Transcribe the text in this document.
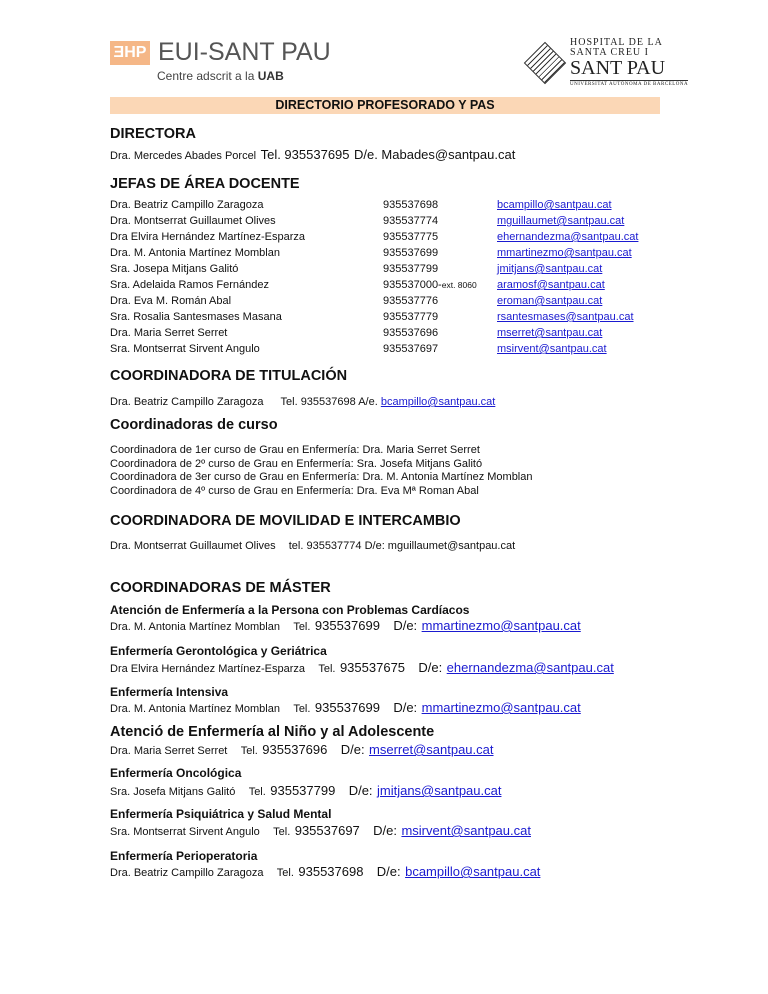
ƎHP EUI-SANT PAU
Centre adscrit a la UAB
HOSPITAL DE LA
SANTA CREU I
SANT PAU
UNIVERSITAT AUTÒNOMA DE BARCELONA
DIRECTORIO PROFESORADO Y PAS
DIRECTORA
Dra. Mercedes Abades Porcel Tel. 935537695 D/e. Mabades@santpau.cat
JEFAS DE ÁREA DOCENTE
Dra. Beatriz Campillo Zaragoza	935537698	bcampillo@santpau.cat
Dra. Montserrat Guillaumet Olives	935537774	mguillaumet@santpau.cat
Dra Elvira Hernández Martínez-Esparza	935537775	ehernandezma@santpau.cat
Dra. M. Antonia Martínez Momblan	935537699	mmartinezmo@santpau.cat
Sra. Josepa Mitjans Galitó	935537799	jmitjans@santpau.cat
Sra. Adelaida Ramos Fernández	935537000-ext. 8060 aramosf@santpau.cat
Dra. Eva M. Román Abal	935537776	eroman@santpau.cat
Sra. Rosalia Santesmases Masana	935537779	rsantesmases@santpau.cat
Dra. Maria Serret Serret	935537696	mserret@santpau.cat
Sra. Montserrat Sirvent Angulo	935537697	msirvent@santpau.cat
COORDINADORA DE TITULACIÓN
Dra. Beatriz Campillo Zaragoza Tel. 935537698 A/e. bcampillo@santpau.cat
Coordinadoras de curso
Coordinadora de 1er curso de Grau en Enfermería: Dra. Maria Serret Serret
Coordinadora de 2º curso de Grau en Enfermería: Sra. Josefa Mitjans Galitó
Coordinadora de 3er curso de Grau en Enfermería: Dra. M. Antonia Martínez Momblan
Coordinadora de 4º curso de Grau en Enfermería: Dra. Eva Mª Roman Abal
COORDINADORA DE MOVILIDAD E INTERCAMBIO
Dra. Montserrat Guillaumet Olives tel. 935537774 D/e: mguillaumet@santpau.cat
COORDINADORAS DE MÁSTER
Atención de Enfermería a la Persona con Problemas Cardíacos
Dra. M. Antonia Martínez Momblan Tel. 935537699 D/e: mmartinezmo@santpau.cat
Enfermería Gerontológica y Geriátrica
Dra Elvira Hernández Martínez-Esparza Tel. 935537675 D/e: ehernandezma@santpau.cat
Enfermería Intensiva
Dra. M. Antonia Martínez Momblan Tel. 935537699 D/e: mmartinezmo@santpau.cat
Atenció de Enfermería al Niño y al Adolescente
Dra. Maria Serret Serret Tel. 935537696 D/e: mserret@santpau.cat
Enfermería Oncológica
Sra. Josefa Mitjans Galitó Tel. 935537799 D/e: jmitjans@santpau.cat
Enfermería Psiquiátrica y Salud Mental
Sra. Montserrat Sirvent Angulo Tel. 935537697 D/e: msirvent@santpau.cat
Enfermería Perioperatoria
Dra. Beatriz Campillo Zaragoza Tel. 935537698 D/e: bcampillo@santpau.cat
